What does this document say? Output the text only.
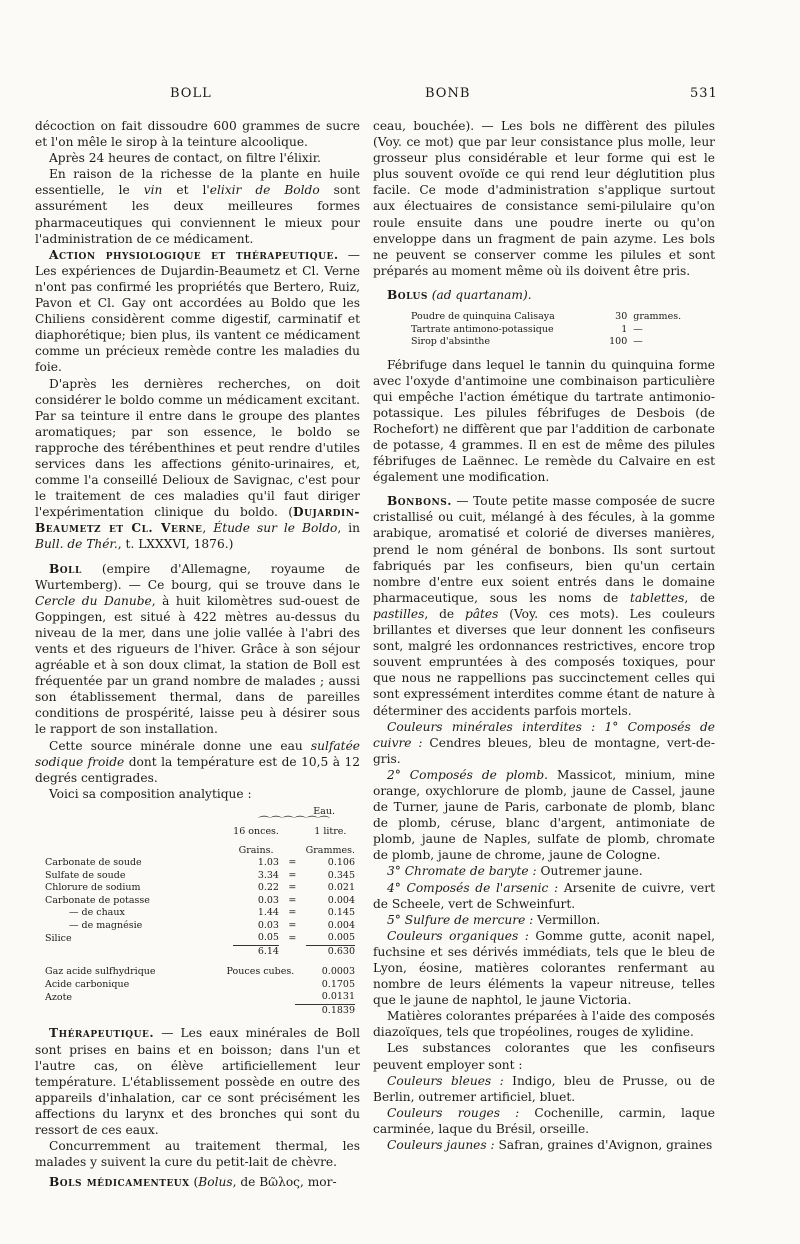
BOLL	BONB	531

décoction on fait dissoudre 600 grammes de sucre et l'on mêle le sirop à la teinture alcoolique.

Après 24 heures de contact, on filtre l'élixir.

En raison de la richesse de la plante en huile essentielle, le vin et l'elixir de Boldo sont assurément les deux meilleures formes pharmaceutiques qui conviennent le mieux pour l'administration de ce médicament.

Action physiologique et thérapeutique. — Les expériences de Dujardin-Beaumetz et Cl. Verne n'ont pas confirmé les propriétés que Bertero, Ruiz, Pavon et Cl. Gay ont accordées au Boldo que les Chiliens considèrent comme digestif, carminatif et diaphorétique; bien plus, ils vantent ce médicament comme un précieux remède contre les maladies du foie.

D'après les dernières recherches, on doit considérer le boldo comme un médicament excitant. Par sa teinture il entre dans le groupe des plantes aromatiques; par son essence, le boldo se rapproche des térébenthines et peut rendre d'utiles services dans les affections génito-urinaires, et, comme l'a conseillé Delioux de Savignac, c'est pour le traitement de ces maladies qu'il faut diriger l'expérimentation clinique du boldo. (Dujardin-Beaumetz et Cl. Verne, Étude sur le Boldo, in Bull. de Thér., t. LXXXVI, 1876.)

Boll (empire d'Allemagne, royaume de Wurtemberg). — Ce bourg, qui se trouve dans le Cercle du Danube, à huit kilomètres sud-ouest de Goppingen, est situé à 422 mètres au-dessus du niveau de la mer, dans une jolie vallée à l'abri des vents et des rigueurs de l'hiver. Grâce à son séjour agréable et à son doux climat, la station de Boll est fréquentée par un grand nombre de malades ; aussi son établissement thermal, dans de pareilles conditions de prospérité, laisse peu à désirer sous le rapport de son installation.

Cette source minérale donne une eau sulfatée sodique froide dont la température est de 10,5 à 12 degrés centigrades.

Voici sa composition analytique :

	Eau.		
	⌒⌒⌒⌒⌒⌒		
	16 onces.		1 litre.

	Grains.		Grammes.
Carbonate de soude	1.03	=	0.106
Sulfate de soude	3.34	=	0.345
Chlorure de sodium	0.22	=	0.021
Carbonate de potasse	0.03	=	0.004
— de chaux	1.44	=	0.145
— de magnésie	0.03	=	0.004
Silice	0.05	=	0.005
	6.14		0.630
Gaz acide sulfhydrique	Pouces cubes.	0.0003
Acide carbonique		0.1705
Azote		0.0131
		0.1839

Thérapeutique. — Les eaux minérales de Boll sont prises en bains et en boisson; dans l'un et l'autre cas, on élève artificiellement leur température. L'établissement possède en outre des appareils d'inhalation, car ce sont précisément les affections du larynx et des bronches qui sont du ressort de ces eaux.

Concurremment au traitement thermal, les malades y suivent la cure du petit-lait de chèvre.

Bols médicamenteux (Bolus, de Βῶλος, mor-

ceau, bouchée). — Les bols ne diffèrent des pilules (Voy. ce mot) que par leur consistance plus molle, leur grosseur plus considérable et leur forme qui est le plus souvent ovoïde ce qui rend leur déglutition plus facile. Ce mode d'administration s'applique surtout aux électuaires de consistance semi-pilulaire qu'on roule ensuite dans une poudre inerte ou qu'on enveloppe dans un fragment de pain azyme. Les bols ne peuvent se conserver comme les pilules et sont préparés au moment même où ils doivent être pris.

Bolus (ad quartanam).

Poudre de quinquina Calisaya	30	grammes.
Tartrate antimono-potassique	1	—
Sirop d'absinthe	100	—

Fébrifuge dans lequel le tannin du quinquina forme avec l'oxyde d'antimoine une combinaison particulière qui empêche l'action émétique du tartrate antimonio-potassique. Les pilules fébrifuges de Desbois (de Rochefort) ne diffèrent que par l'addition de carbonate de potasse, 4 grammes. Il en est de même des pilules fébrifuges de Laënnec. Le remède du Calvaire en est également une modification.

Bonbons. — Toute petite masse composée de sucre cristallisé ou cuit, mélangé à des fécules, à la gomme arabique, aromatisé et colorié de diverses manières, prend le nom général de bonbons. Ils sont surtout fabriqués par les confiseurs, bien qu'un certain nombre d'entre eux soient entrés dans le domaine pharmaceutique, sous les noms de tablettes, de pastilles, de pâtes (Voy. ces mots). Les couleurs brillantes et diverses que leur donnent les confiseurs sont, malgré les ordonnances restrictives, encore trop souvent empruntées à des composés toxiques, pour que nous ne rappellions pas succinctement celles qui sont expressément interdites comme étant de nature à déterminer des accidents parfois mortels.

Couleurs minérales interdites : 1° Composés de cuivre : Cendres bleues, bleu de montagne, vert-de-gris.

2° Composés de plomb. Massicot, minium, mine orange, oxychlorure de plomb, jaune de Cassel, jaune de Turner, jaune de Paris, carbonate de plomb, blanc de plomb, céruse, blanc d'argent, antimoniate de plomb, jaune de Naples, sulfate de plomb, chromate de plomb, jaune de chrome, jaune de Cologne.

3° Chromate de baryte : Outremer jaune.

4° Composés de l'arsenic : Arsenite de cuivre, vert de Scheele, vert de Schweinfurt.

5° Sulfure de mercure : Vermillon.

Couleurs organiques : Gomme gutte, aconit napel, fuchsine et ses dérivés immédiats, tels que le bleu de Lyon, éosine, matières colorantes renfermant au nombre de leurs éléments la vapeur nitreuse, telles que le jaune de naphtol, le jaune Victoria.

Matières colorantes préparées à l'aide des composés diazoïques, tels que tropéolines, rouges de xylidine.

Les substances colorantes que les confiseurs peuvent employer sont :

Couleurs bleues : Indigo, bleu de Prusse, ou de Berlin, outremer artificiel, bluet.

Couleurs rouges : Cochenille, carmin, laque carminée, laque du Brésil, orseille.

Couleurs jaunes : Safran, graines d'Avignon, graines
